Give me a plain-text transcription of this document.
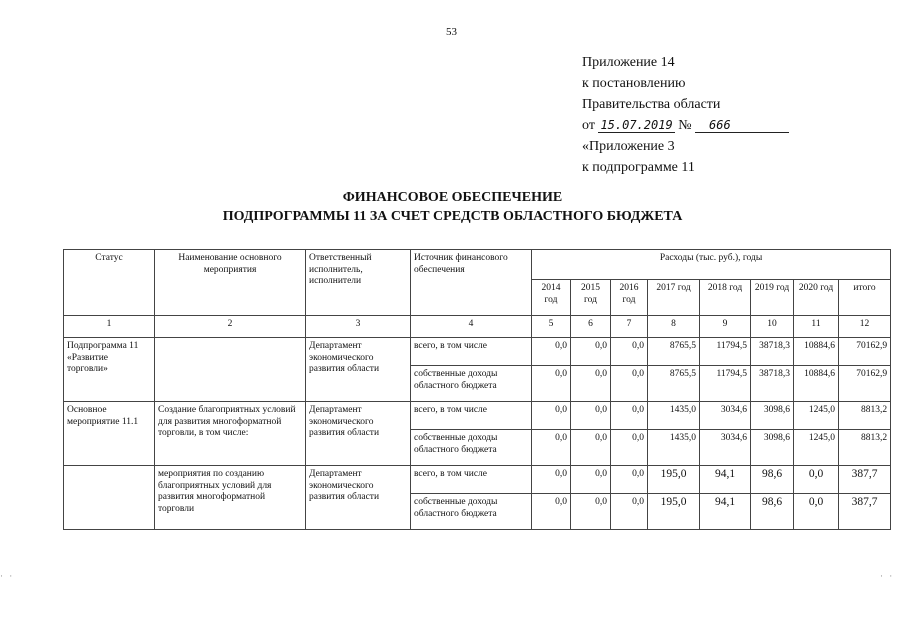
53
Приложение 14
к постановлению
Правительства области
от 15.07.2019 № 666
«Приложение 3
к подпрограмме 11
ФИНАНСОВОЕ ОБЕСПЕЧЕНИЕ
ПОДПРОГРАММЫ 11 ЗА СЧЕТ СРЕДСТВ ОБЛАСТНОГО БЮДЖЕТА
Статус	Наименование основного мероприятия	Ответственный исполнитель, исполнители	Источник финансового обеспечения	Расходы (тыс. руб.), годы							
				2014 год	2015 год	2016 год	2017 год	2018 год	2019 год	2020 год	итого
1	2	3	4	5	6	7	8	9	10	11	12
Подпрограмма 11 «Развитие торговли»		Департамент экономического развития области	всего, в том числе	0,0	0,0	0,0	8765,5	11794,5	38718,3	10884,6	70162,9
			собственные доходы областного бюджета	0,0	0,0	0,0	8765,5	11794,5	38718,3	10884,6	70162,9
Основное мероприятие 11.1	Создание благоприятных условий для развития многоформатной торговли, в том числе:	Департамент экономического развития области	всего, в том числе	0,0	0,0	0,0	1435,0	3034,6	3098,6	1245,0	8813,2
			собственные доходы областного бюджета	0,0	0,0	0,0	1435,0	3034,6	3098,6	1245,0	8813,2
	мероприятия по созданию благоприятных условий для развития многоформатной торговли	Департамент экономического развития области	всего, в том числе	0,0	0,0	0,0	195,0	94,1	98,6	0,0	387,7
			собственные доходы областного бюджета	0,0	0,0	0,0	195,0	94,1	98,6	0,0	387,7
· ·	· ·
